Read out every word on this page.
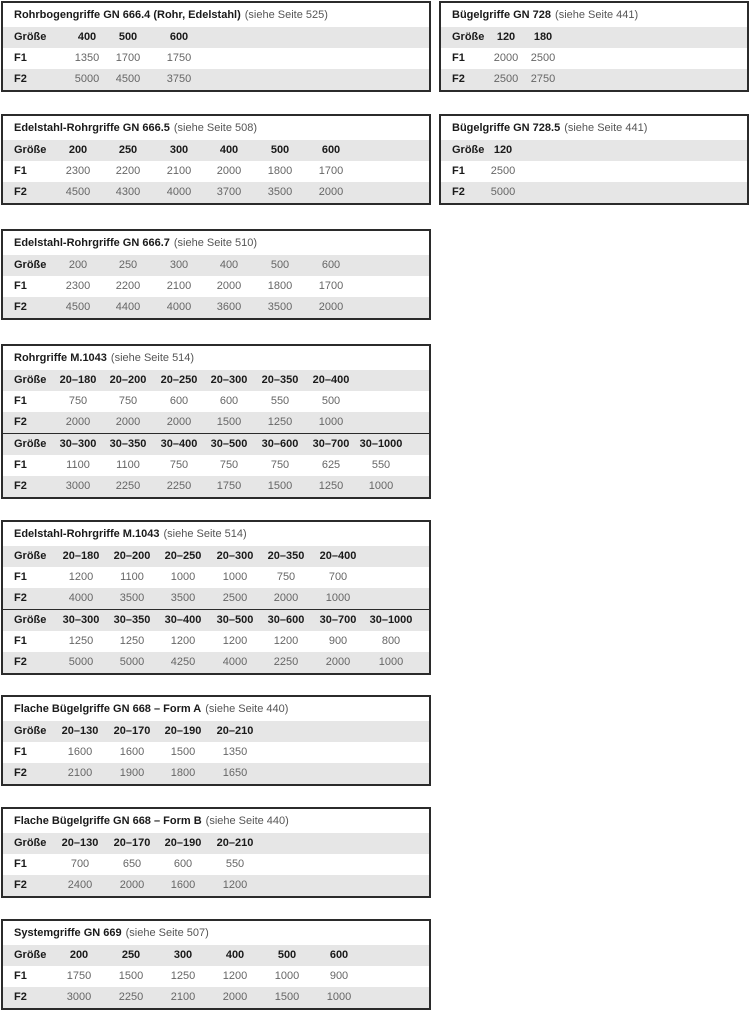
Rohrbogengriffe GN 666.4 (Rohr, Edelstahl) (siehe Seite 525)
Größe	400 500	600
F1	1350 1700 1750
F2	5000 4500 3750
Bügelgriffe GN 728 (siehe Seite 441)
Größe 120 180
F1	2000 2500
F2	2500 2750
Edelstahl-Rohrgriffe GN 666.5 (siehe Seite 508)
Größe 200	250	300	400	500	600
F1	2300 2200 2100 2000 1800 1700
F2	4500 4300 4000 3700 3500 2000
Bügelgriffe GN 728.5 (siehe Seite 441)
Größe 120
F1 2500
F2 5000
Edelstahl-Rohrgriffe GN 666.7 (siehe Seite 510)
Größe 200	250	300	400	500	600
F1	2300 2200 2100 2000 1800 1700
F2	4500 4400 4000 3600 3500 2000
Rohrgriffe M.1043 (siehe Seite 514)
Größe 20–180 20–200 20–250 20–300 20–350 20–400
F1	750	750	600	600	550	500
F2	2000 2000 2000 1500 1250 1000
Größe 30–300 30–350 30–400 30–500 30–600 30–700 30–1000
F1	1100 1100	750	750	750	625	550
F2	3000 2250 2250 1750 1500 1250 1000
Edelstahl-Rohrgriffe M.1043 (siehe Seite 514)
Größe 20–180 20–200 20–250 20–300 20–350 20–400
F1	1200 1100 1000	1000	750	700
F2	4000 3500 3500	2500 2000	1000
Größe 30–300 30–350 30–400 30–500 30–600 30–700 30–1000
F1	1250 1250 1200	1200 1200	900	800
F2	5000 5000 4250	4000 2250	2000	1000
Flache Bügelgriffe GN 668 – Form A (siehe Seite 440)
Größe 20–130 20–170 20–190 20–210
F1	1600	1600 1500	1350
F2	2100	1900 1800	1650
Flache Bügelgriffe GN 668 – Form B (siehe Seite 440)
Größe 20–130 20–170 20–190 20–210
F1	700	650	600	550
F2	2400	2000 1600	1200
Systemgriffe GN 669 (siehe Seite 507)
Größe 200	250	300	400	500	600
F1	1750	1500	1250	1200	1000	900
F2	3000	2250	2100	2000	1500	1000
